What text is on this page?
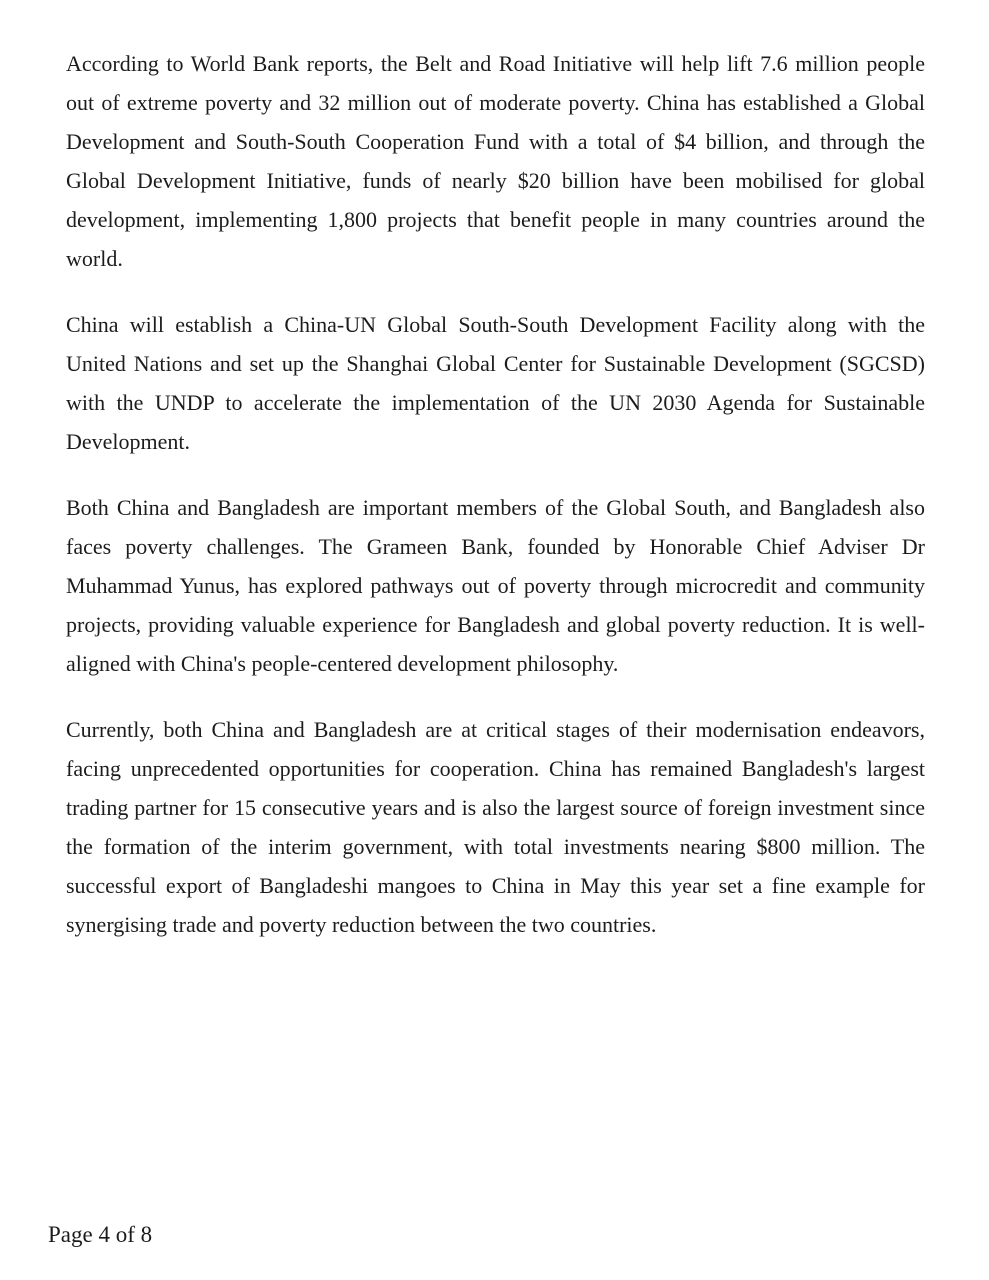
According to World Bank reports, the Belt and Road Initiative will help lift 7.6 million people out of extreme poverty and 32 million out of moderate poverty. China has established a Global Development and South-South Cooperation Fund with a total of $4 billion, and through the Global Development Initiative, funds of nearly $20 billion have been mobilised for global development, implementing 1,800 projects that benefit people in many countries around the world.

China will establish a China-UN Global South-South Development Facility along with the United Nations and set up the Shanghai Global Center for Sustainable Development (SGCSD) with the UNDP to accelerate the implementation of the UN 2030 Agenda for Sustainable Development.

Both China and Bangladesh are important members of the Global South, and Bangladesh also faces poverty challenges. The Grameen Bank, founded by Honorable Chief Adviser Dr Muhammad Yunus, has explored pathways out of poverty through microcredit and community projects, providing valuable experience for Bangladesh and global poverty reduction. It is well-aligned with China's people-centered development philosophy.

Currently, both China and Bangladesh are at critical stages of their modernisation endeavors, facing unprecedented opportunities for cooperation. China has remained Bangladesh's largest trading partner for 15 consecutive years and is also the largest source of foreign investment since the formation of the interim government, with total investments nearing $800 million. The successful export of Bangladeshi mangoes to China in May this year set a fine example for synergising trade and poverty reduction between the two countries.

Page 4 of 8
